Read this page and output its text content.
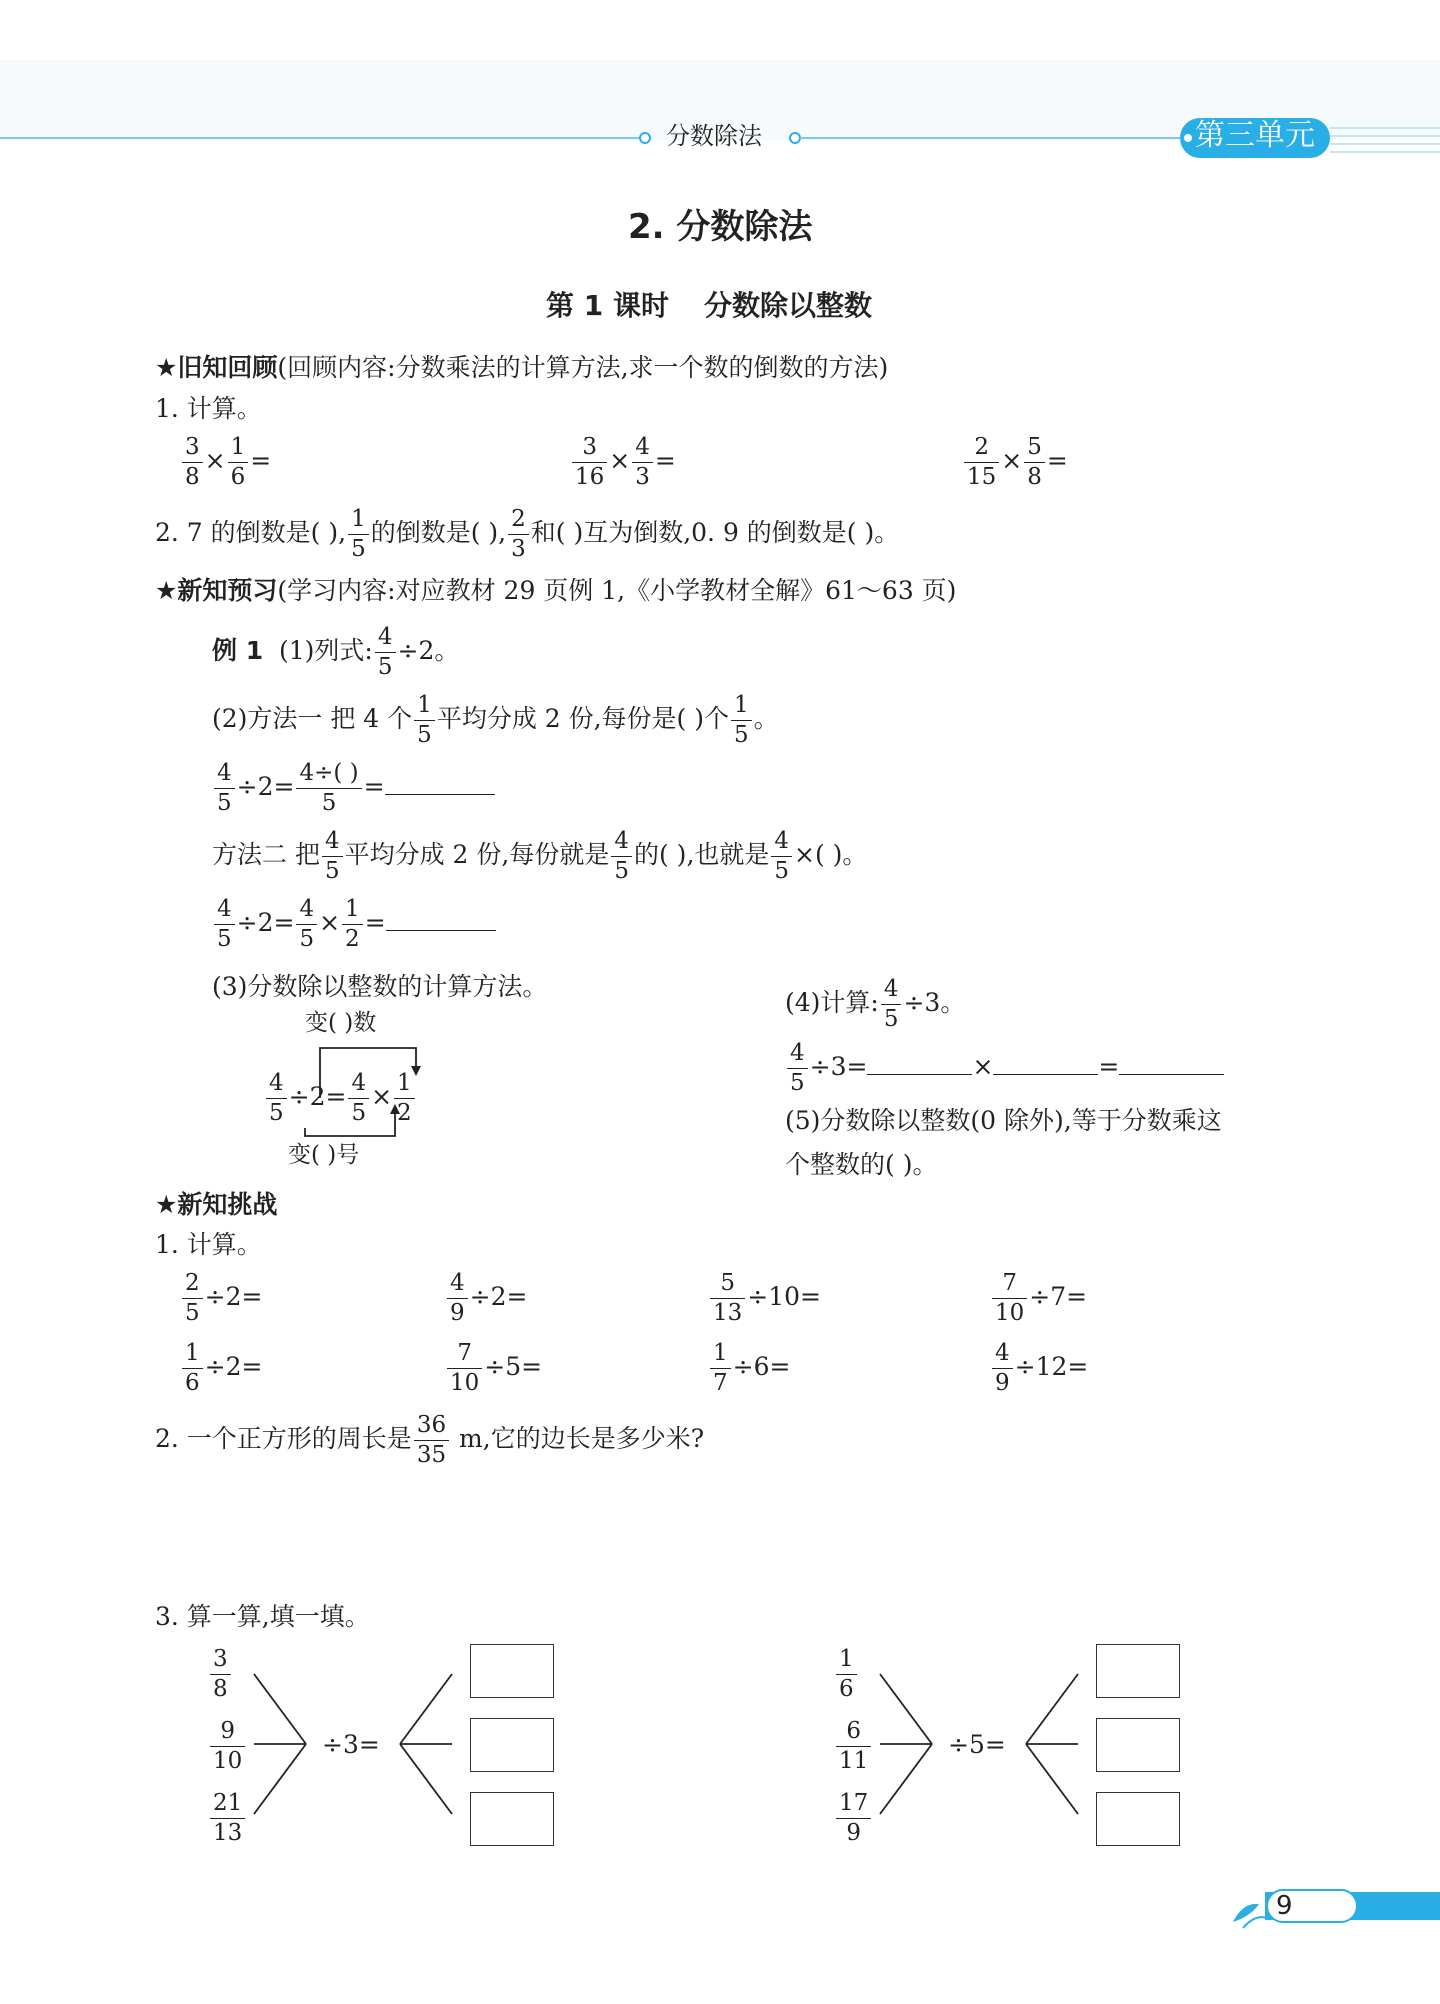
分数除法	第三单元
2. 分数除法
第 1 课时 分数除以整数
★旧知回顾(回顾内容:分数乘法的计算方法,求一个数的倒数的方法)
1. 计算。
$\frac{3}{8} \times \frac{1}{6}$ =	$\frac{3}{16} \times \frac{4}{3}$ =	$\frac{2}{15} \times \frac{5}{8}$ =
2. 7 的倒数是( ), $\frac{1}{5}$ 的倒数是( ), $\frac{2}{3}$ 和( )互为倒数,0. 9 的倒数是( )。
★新知预习(学习内容:对应教材 29 页例 1,《小学教材全解》61～63 页)
例 1 (1)列式: $\frac{4}{5} \div 2$。
(2)方法一 把 4 个 $\frac{1}{5}$ 平均分成 2 份,每份是( )个 $\frac{1}{5}$ 。
$\frac{4}{5} \div 2= \frac{4\div( )}{5}$ =
方法二 把 $\frac{4}{5}$ 平均分成 2 份,每份就是 $\frac{4}{5}$ 的( ),也就是 $\frac{4}{5}$ ×( )。
$\frac{4}{5} \div 2= \frac{4}{5} \times \frac{1}{2}$ =
(3)分数除以整数的计算方法。
变( )数
$\frac{4}{5} \div 2= \frac{4}{5} \times \frac{1}{2}$
变( )号
(4)计算: $\frac{4}{5} \div 3$。
$\frac{4}{5} \div 3=$	×	=
(5)分数除以整数(0 除外),等于分数乘这
个整数的( )。
★新知挑战
1. 计算。
$\frac{2}{5} \div 2=$	$\frac{4}{9} \div 2=$	$\frac{5}{13} \div 10=$	$\frac{7}{10} \div 7=$
$\frac{1}{6} \div 2=$	$\frac{7}{10} \div 5=$	$\frac{1}{7} \div 6=$	$\frac{4}{9} \div 12=$
2. 一个正方形的周长是 $\frac{36}{35} m$,它的边长是多少米?
3. 算一算,填一填。
$\frac{3}{8}$
$\frac{9}{10}$
$\frac{21}{13}$
÷3=
$\frac{1}{6}$
$\frac{6}{11}$
$\frac{17}{9}$
÷5=
9
